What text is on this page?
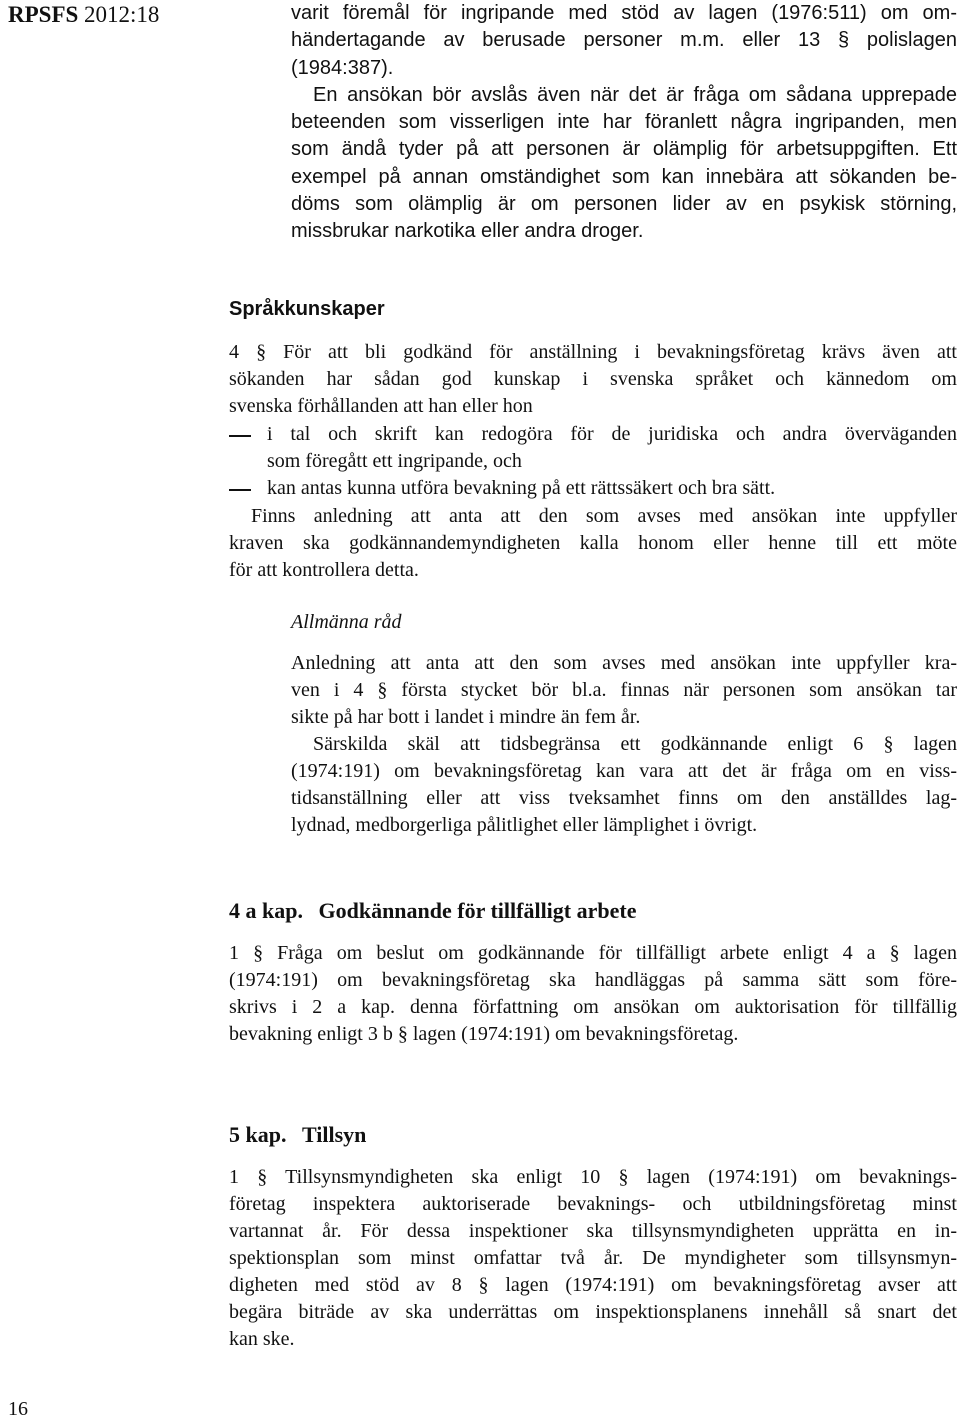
RPSFS 2012:18	varit föremål för ingripande med stöd av lagen (1976:511) om om-
händertagande av berusade personer m.m. eller 13 § polislagen
(1984:387).
En ansökan bör avslås även när det är fråga om sådana upprepade
beteenden som visserligen inte har föranlett några ingripanden, men
som ändå tyder på att personen är olämplig för arbetsuppgiften. Ett
exempel på annan omständighet som kan innebära att sökanden be-
döms som olämplig är om personen lider av en psykisk störning,
missbrukar narkotika eller andra droger.
Språkkunskaper
4 § För att bli godkänd för anställning i bevakningsföretag krävs även att
sökanden har sådan god kunskap i svenska språket och kännedom om
svenska förhållanden att han eller hon
i tal och skrift kan redogöra för de juridiska och andra överväganden
som föregått ett ingripande, och
kan antas kunna utföra bevakning på ett rättssäkert och bra sätt.
Finns anledning att anta att den som avses med ansökan inte uppfyller
kraven ska godkännandemyndigheten kalla honom eller henne till ett möte
för att kontrollera detta.
Allmänna råd
Anledning att anta att den som avses med ansökan inte uppfyller kra-
ven i 4 § första stycket bör bl.a. finnas när personen som ansökan tar
sikte på har bott i landet i mindre än fem år.
Särskilda skäl att tidsbegränsa ett godkännande enligt 6 § lagen
(1974:191) om bevakningsföretag kan vara att det är fråga om en viss-
tidsanställning eller att viss tveksamhet finns om den anställdes lag-
lydnad, medborgerliga pålitlighet eller lämplighet i övrigt.
4 a kap. Godkännande för tillfälligt arbete
1 § Fråga om beslut om godkännande för tillfälligt arbete enligt 4 a § lagen
(1974:191) om bevakningsföretag ska handläggas på samma sätt som före-
skrivs i 2 a kap. denna författning om ansökan om auktorisation för tillfällig
bevakning enligt 3 b § lagen (1974:191) om bevakningsföretag.
5 kap. Tillsyn
1 § Tillsynsmyndigheten ska enligt 10 § lagen (1974:191) om bevaknings-
företag inspektera auktoriserade bevaknings- och utbildningsföretag minst
vartannat år. För dessa inspektioner ska tillsynsmyndigheten upprätta en in-
spektionsplan som minst omfattar två år. De myndigheter som tillsynsmyn-
digheten med stöd av 8 § lagen (1974:191) om bevakningsföretag avser att
begära biträde av ska underrättas om inspektionsplanens innehåll så snart det
kan ske.
16
